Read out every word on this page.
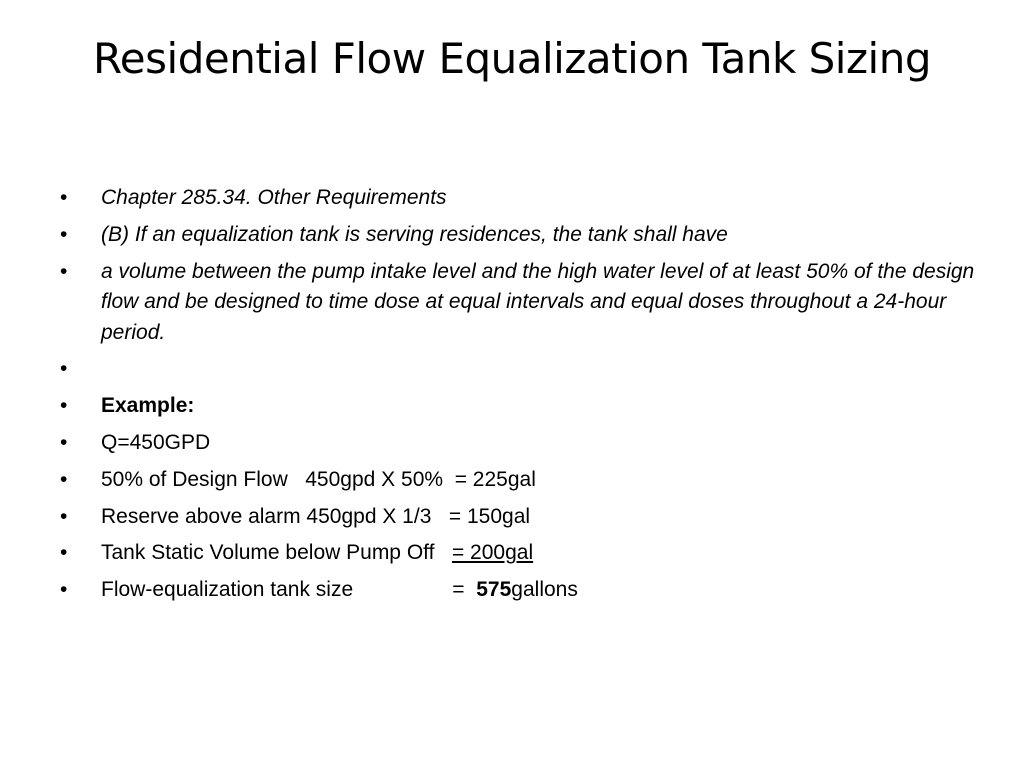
Residential Flow Equalization Tank Sizing
• Chapter 285.34. Other Requirements
• (B) If an equalization tank is serving residences, the tank shall have
• a volume between the pump intake level and the high water level of at least 50% of the design flow and be designed to time dose at equal intervals and equal doses throughout a 24-hour period.
•
• Example:
• Q=450GPD
• 50% of Design Flow   450gpd X 50%  = 225gal
• Reserve above alarm 450gpd X 1/3   = 150gal
• Tank Static Volume below Pump Off   = 200gal
• Flow-equalization tank size                 =  575gallons
